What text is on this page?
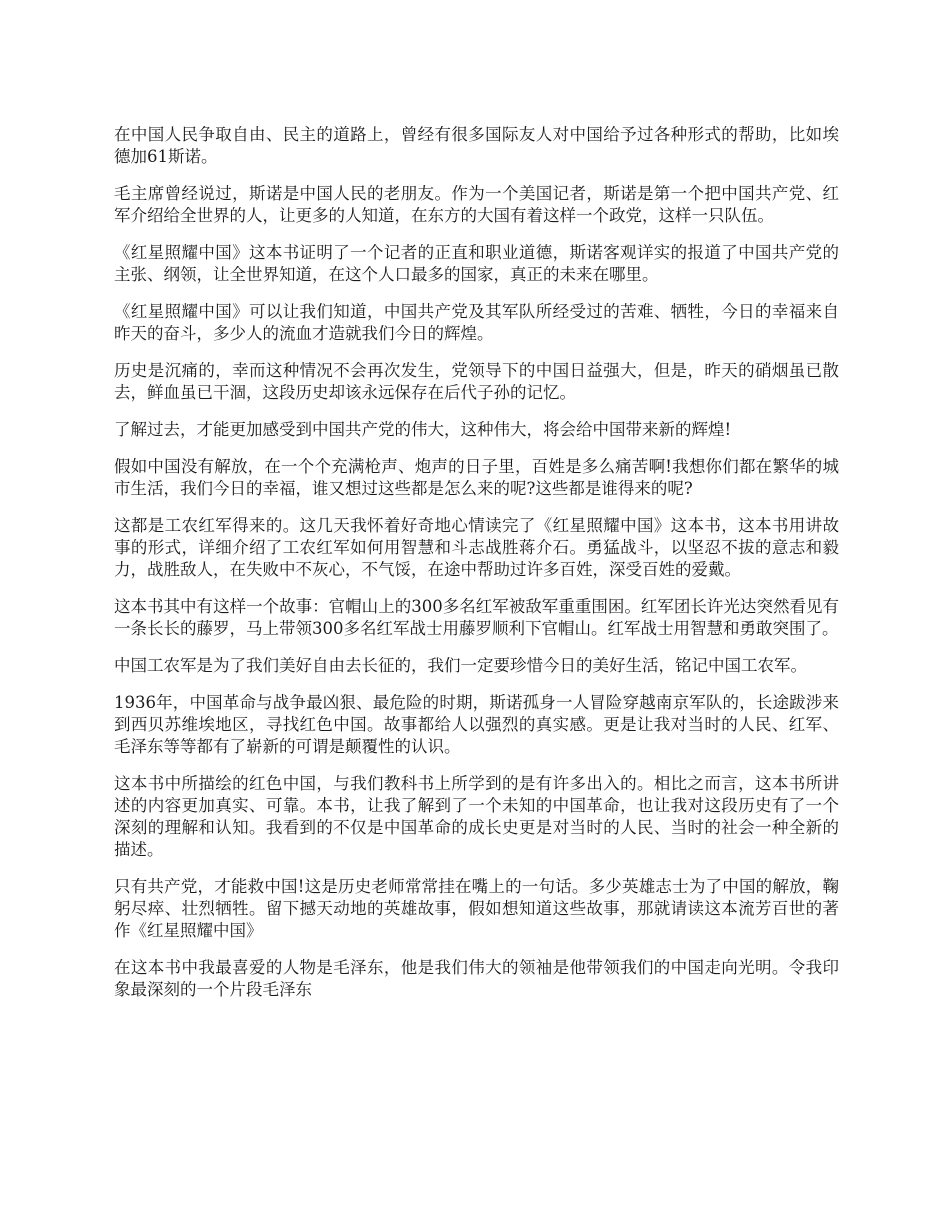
在中国人民争取自由、民主的道路上，曾经有很多国际友人对中国给予过各种形式的帮助，比如埃德加61斯诺。

毛主席曾经说过，斯诺是中国人民的老朋友。作为一个美国记者，斯诺是第一个把中国共产党、红军介绍给全世界的人，让更多的人知道，在东方的大国有着这样一个政党，这样一只队伍。

《红星照耀中国》这本书证明了一个记者的正直和职业道德，斯诺客观详实的报道了中国共产党的主张、纲领，让全世界知道，在这个人口最多的国家，真正的未来在哪里。

《红星照耀中国》可以让我们知道，中国共产党及其军队所经受过的苦难、牺牲，今日的幸福来自昨天的奋斗，多少人的流血才造就我们今日的辉煌。

历史是沉痛的，幸而这种情况不会再次发生，党领导下的中国日益强大，但是，昨天的硝烟虽已散去，鲜血虽已干涸，这段历史却该永远保存在后代子孙的记忆。

了解过去，才能更加感受到中国共产党的伟大，这种伟大，将会给中国带来新的辉煌!

假如中国没有解放，在一个个充满枪声、炮声的日子里，百姓是多么痛苦啊!我想你们都在繁华的城市生活，我们今日的幸福，谁又想过这些都是怎么来的呢?这些都是谁得来的呢?

这都是工农红军得来的。这几天我怀着好奇地心情读完了《红星照耀中国》这本书，这本书用讲故事的形式，详细介绍了工农红军如何用智慧和斗志战胜蒋介石。勇猛战斗，以坚忍不拔的意志和毅力，战胜敌人，在失败中不灰心，不气馁，在途中帮助过许多百姓，深受百姓的爱戴。

这本书其中有这样一个故事：官帽山上的300多名红军被敌军重重围困。红军团长许光达突然看见有一条长长的藤罗，马上带领300多名红军战士用藤罗顺利下官帽山。红军战士用智慧和勇敢突围了。

中国工农军是为了我们美好自由去长征的，我们一定要珍惜今日的美好生活，铭记中国工农军。

1936年，中国革命与战争最凶狠、最危险的时期，斯诺孤身一人冒险穿越南京军队的，长途跋涉来到西贝苏维埃地区，寻找红色中国。故事都给人以强烈的真实感。更是让我对当时的人民、红军、毛泽东等等都有了崭新的可谓是颠覆性的认识。

这本书中所描绘的红色中国，与我们教科书上所学到的是有许多出入的。相比之而言，这本书所讲述的内容更加真实、可靠。本书，让我了解到了一个未知的中国革命，也让我对这段历史有了一个深刻的理解和认知。我看到的不仅是中国革命的成长史更是对当时的人民、当时的社会一种全新的描述。

只有共产党，才能救中国!这是历史老师常常挂在嘴上的一句话。多少英雄志士为了中国的解放，鞠躬尽瘁、壮烈牺牲。留下撼天动地的英雄故事，假如想知道这些故事，那就请读这本流芳百世的著作《红星照耀中国》

在这本书中我最喜爱的人物是毛泽东，他是我们伟大的领袖是他带领我们的中国走向光明。令我印象最深刻的一个片段毛泽东
